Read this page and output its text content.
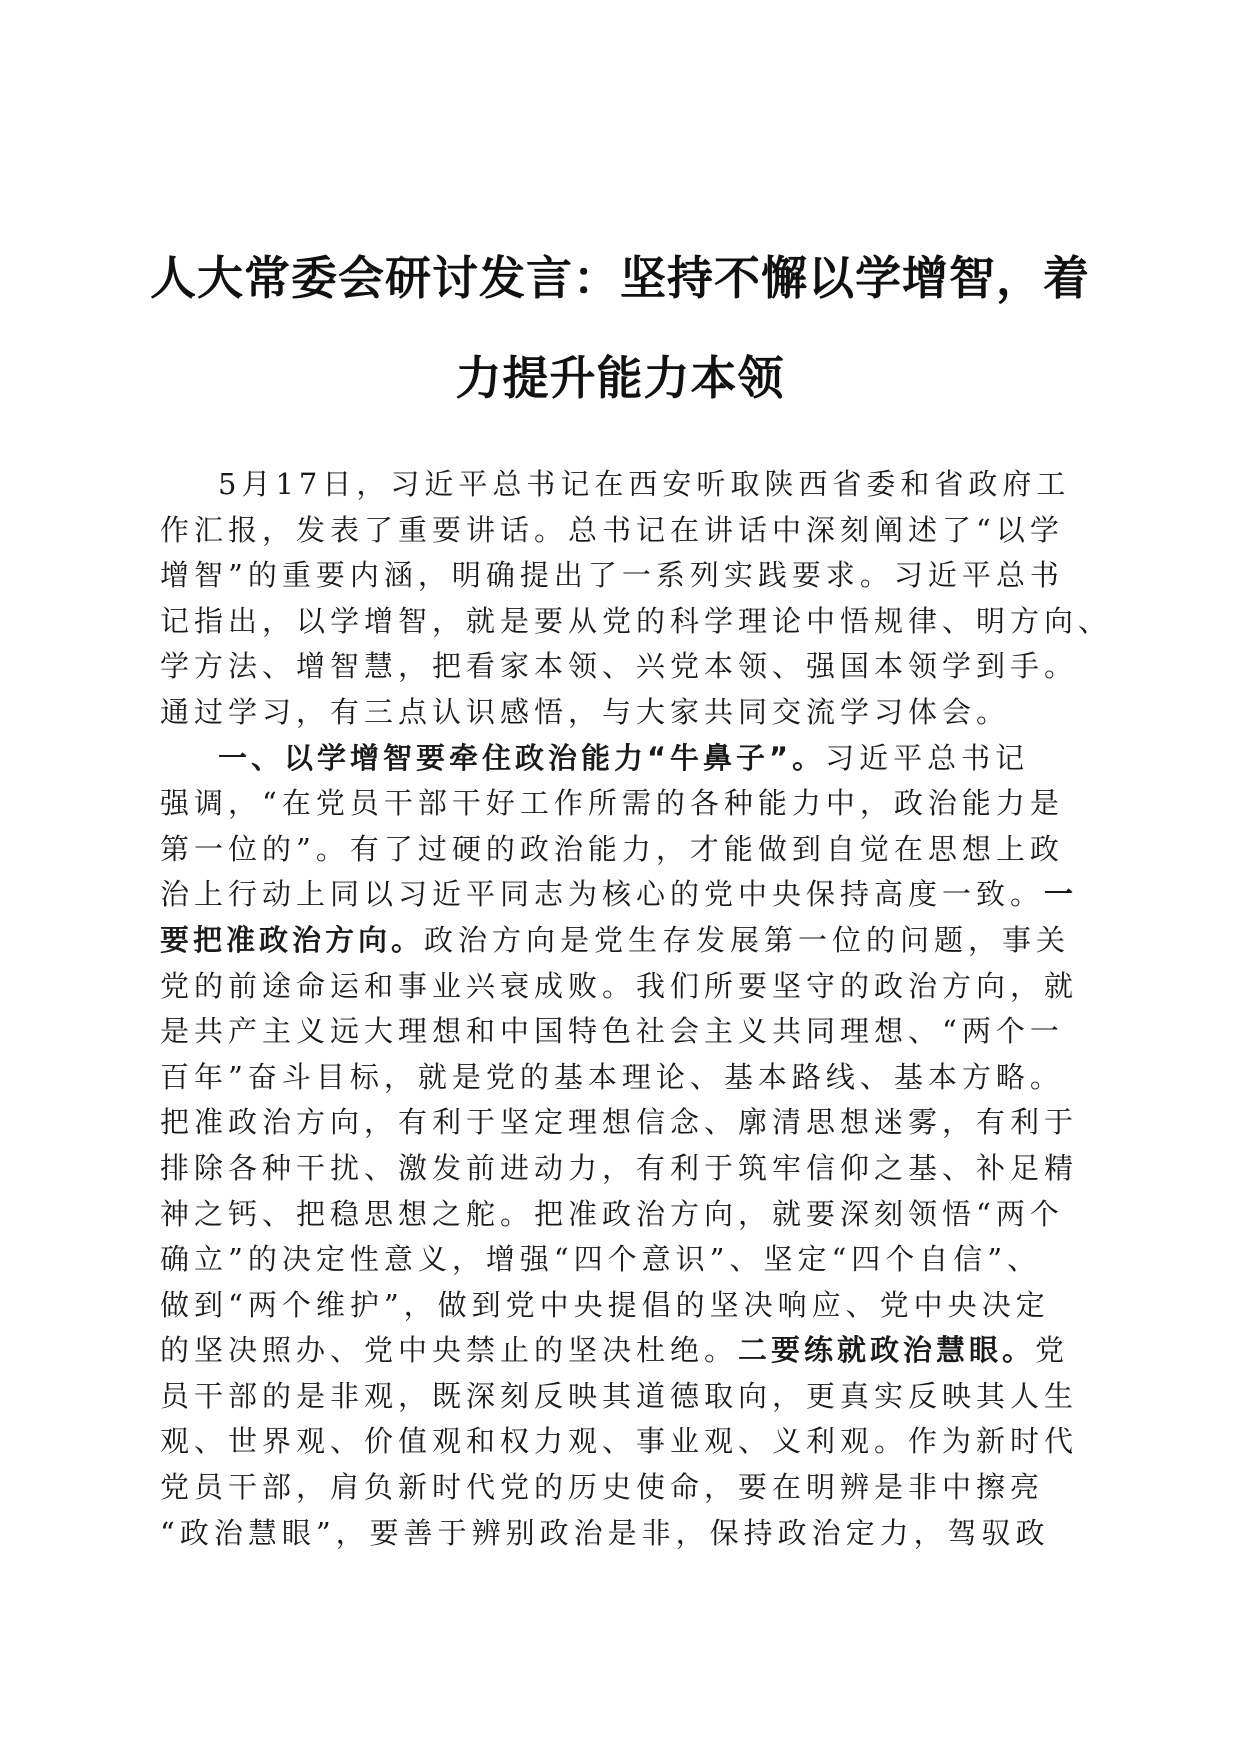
人大常委会研讨发言：坚持不懈以学增智，着
力提升能力本领
5月17日，习近平总书记在西安听取陕西省委和省政府工
作汇报，发表了重要讲话。总书记在讲话中深刻阐述了“以学
增智”的重要内涵，明确提出了一系列实践要求。习近平总书
记指出，以学增智，就是要从党的科学理论中悟规律、明方向、
学方法、增智慧，把看家本领、兴党本领、强国本领学到手。
通过学习，有三点认识感悟，与大家共同交流学习体会。
一、以学增智要牵住政治能力“牛鼻子”。习近平总书记
强调，“在党员干部干好工作所需的各种能力中，政治能力是
第一位的”。有了过硬的政治能力，才能做到自觉在思想上政
治上行动上同以习近平同志为核心的党中央保持高度一致。一
要把准政治方向。政治方向是党生存发展第一位的问题，事关
党的前途命运和事业兴衰成败。我们所要坚守的政治方向，就
是共产主义远大理想和中国特色社会主义共同理想、“两个一
百年”奋斗目标，就是党的基本理论、基本路线、基本方略。
把准政治方向，有利于坚定理想信念、廓清思想迷雾，有利于
排除各种干扰、激发前进动力，有利于筑牢信仰之基、补足精
神之钙、把稳思想之舵。把准政治方向，就要深刻领悟“两个
确立”的决定性意义，增强“四个意识”、坚定“四个自信”、
做到“两个维护”，做到党中央提倡的坚决响应、党中央决定
的坚决照办、党中央禁止的坚决杜绝。二要练就政治慧眼。党
员干部的是非观，既深刻反映其道德取向，更真实反映其人生
观、世界观、价值观和权力观、事业观、义利观。作为新时代
党员干部，肩负新时代党的历史使命，要在明辨是非中擦亮
“政治慧眼”，要善于辨别政治是非，保持政治定力，驾驭政
